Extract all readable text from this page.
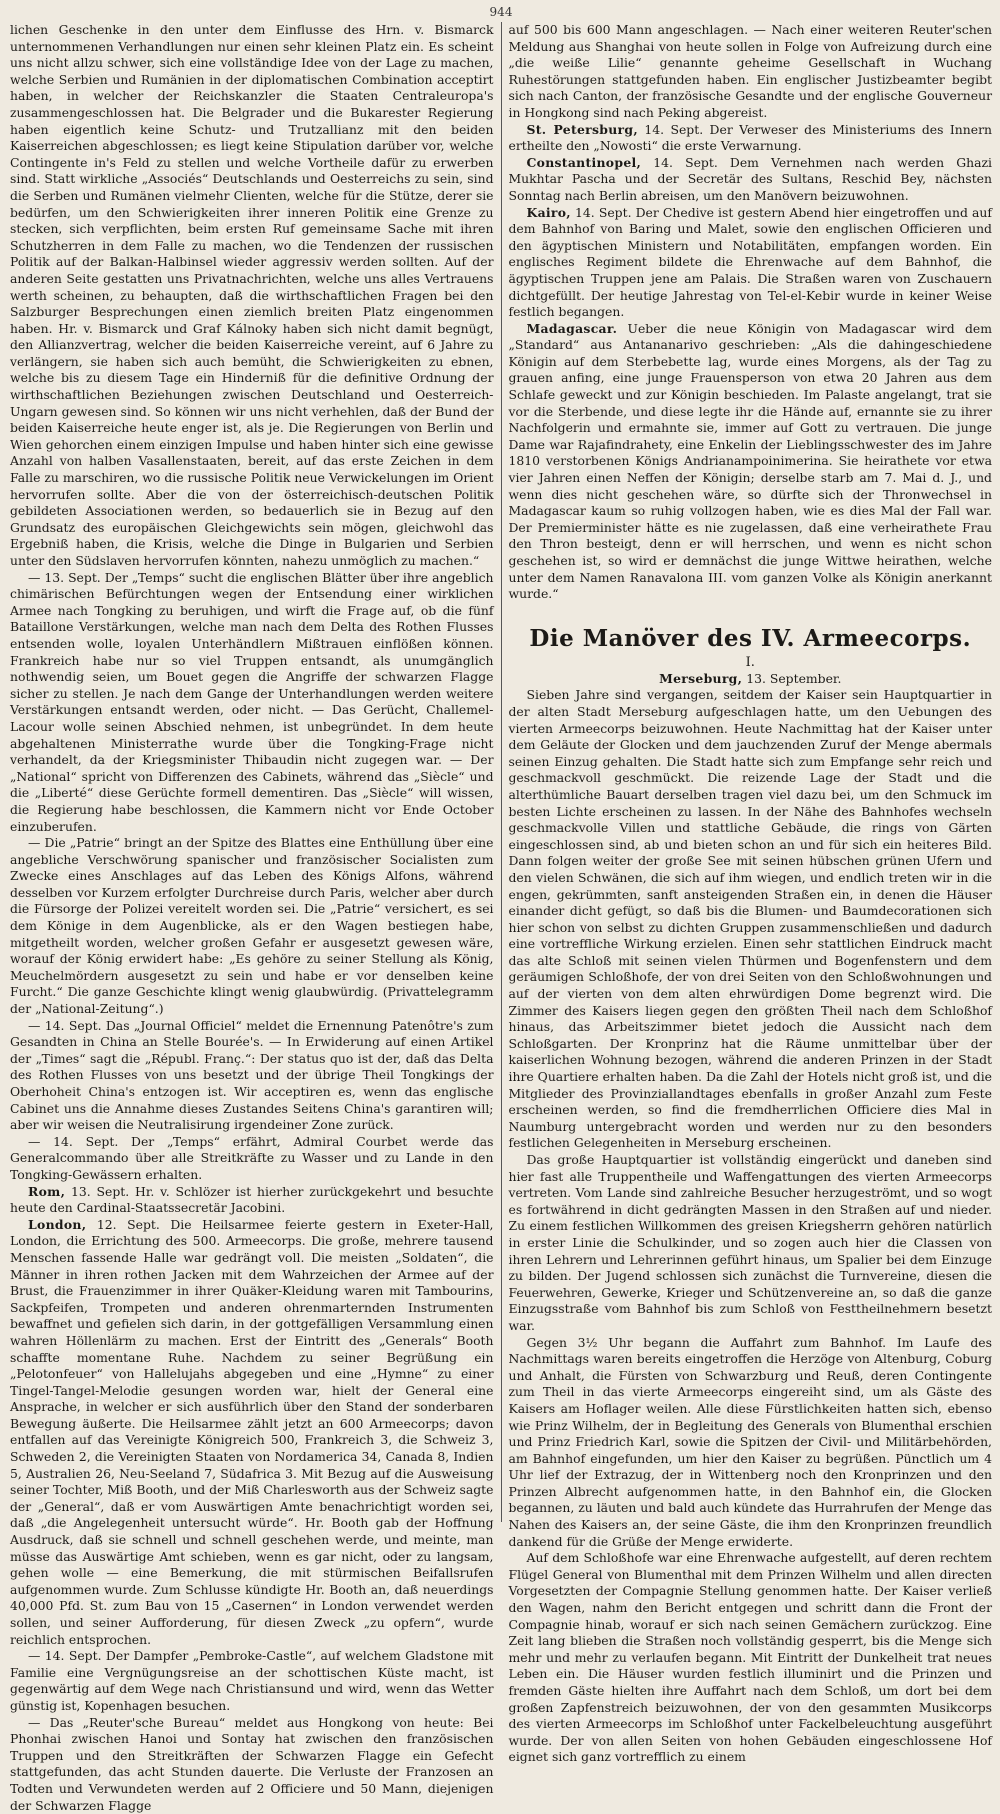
944

lichen Geschenke in den unter dem Einflusse des Hrn. v. Bismarck unternommenen Verhandlungen nur einen sehr kleinen Platz ein. Es scheint uns nicht allzu schwer, sich eine vollständige Idee von der Lage zu machen, welche Serbien und Rumänien in der diplomatischen Combination acceptirt haben, in welcher der Reichskanzler die Staaten Centraleuropa's zusammengeschlossen hat. Die Belgrader und die Bukarester Regierung haben eigentlich keine Schutz- und Trutzallianz mit den beiden Kaiserreichen abgeschlossen; es liegt keine Stipulation darüber vor, welche Contingente in's Feld zu stellen und welche Vortheile dafür zu erwerben sind. Statt wirkliche „Associés“ Deutschlands und Oesterreichs zu sein, sind die Serben und Rumänen vielmehr Clienten, welche für die Stütze, derer sie bedürfen, um den Schwierigkeiten ihrer inneren Politik eine Grenze zu stecken, sich verpflichten, beim ersten Ruf gemeinsame Sache mit ihren Schutzherren in dem Falle zu machen, wo die Tendenzen der russischen Politik auf der Balkan-Halbinsel wieder aggressiv werden sollten. Auf der anderen Seite gestatten uns Privatnachrichten, welche uns alles Vertrauens werth scheinen, zu behaupten, daß die wirthschaftlichen Fragen bei den Salzburger Besprechungen einen ziemlich breiten Platz eingenommen haben. Hr. v. Bismarck und Graf Kálnoky haben sich nicht damit begnügt, den Allianzvertrag, welcher die beiden Kaiserreiche vereint, auf 6 Jahre zu verlängern, sie haben sich auch bemüht, die Schwierigkeiten zu ebnen, welche bis zu diesem Tage ein Hinderniß für die definitive Ordnung der wirthschaftlichen Beziehungen zwischen Deutschland und Oesterreich-Ungarn gewesen sind. So können wir uns nicht verhehlen, daß der Bund der beiden Kaiserreiche heute enger ist, als je. Die Regierungen von Berlin und Wien gehorchen einem einzigen Impulse und haben hinter sich eine gewisse Anzahl von halben Vasallenstaaten, bereit, auf das erste Zeichen in dem Falle zu marschiren, wo die russische Politik neue Verwickelungen im Orient hervorrufen sollte. Aber die von der österreichisch-deutschen Politik gebildeten Associationen werden, so bedauerlich sie in Bezug auf den Grundsatz des europäischen Gleichgewichts sein mögen, gleichwohl das Ergebniß haben, die Krisis, welche die Dinge in Bulgarien und Serbien unter den Südslaven hervorrufen könnten, nahezu unmöglich zu machen.“

— 13. Sept. Der „Temps“ sucht die englischen Blätter über ihre angeblich chimärischen Befürchtungen wegen der Entsendung einer wirklichen Armee nach Tongking zu beruhigen, und wirft die Frage auf, ob die fünf Bataillone Verstärkungen, welche man nach dem Delta des Rothen Flusses entsenden wolle, loyalen Unterhändlern Mißtrauen einflößen können. Frankreich habe nur so viel Truppen entsandt, als unumgänglich nothwendig seien, um Bouet gegen die Angriffe der schwarzen Flagge sicher zu stellen. Je nach dem Gange der Unterhandlungen werden weitere Verstärkungen entsandt werden, oder nicht. — Das Gerücht, Challemel-Lacour wolle seinen Abschied nehmen, ist unbegründet. In dem heute abgehaltenen Ministerrathe wurde über die Tongking-Frage nicht verhandelt, da der Kriegsminister Thibaudin nicht zugegen war. — Der „National“ spricht von Differenzen des Cabinets, während das „Siècle“ und die „Liberté“ diese Gerüchte formell dementiren. Das „Siècle“ will wissen, die Regierung habe beschlossen, die Kammern nicht vor Ende October einzuberufen.

— Die „Patrie“ bringt an der Spitze des Blattes eine Enthüllung über eine angebliche Verschwörung spanischer und französischer Socialisten zum Zwecke eines Anschlages auf das Leben des Königs Alfons, während desselben vor Kurzem erfolgter Durchreise durch Paris, welcher aber durch die Fürsorge der Polizei vereitelt worden sei. Die „Patrie“ versichert, es sei dem Könige in dem Augenblicke, als er den Wagen bestiegen habe, mitgetheilt worden, welcher großen Gefahr er ausgesetzt gewesen wäre, worauf der König erwidert habe: „Es gehöre zu seiner Stellung als König, Meuchelmördern ausgesetzt zu sein und habe er vor denselben keine Furcht.“ Die ganze Geschichte klingt wenig glaubwürdig. (Privattelegramm der „National-Zeitung“.)

— 14. Sept. Das „Journal Officiel“ meldet die Ernennung Patenôtre's zum Gesandten in China an Stelle Bourée's. — In Erwiderung auf einen Artikel der „Times“ sagt die „Républ. Franç.“: Der status quo ist der, daß das Delta des Rothen Flusses von uns besetzt und der übrige Theil Tongkings der Oberhoheit China's entzogen ist. Wir acceptiren es, wenn das englische Cabinet uns die Annahme dieses Zustandes Seitens China's garantiren will; aber wir weisen die Neutralisirung irgendeiner Zone zurück.

— 14. Sept. Der „Temps“ erfährt, Admiral Courbet werde das Generalcommando über alle Streitkräfte zu Wasser und zu Lande in den Tongking-Gewässern erhalten.

Rom, 13. Sept. Hr. v. Schlözer ist hierher zurückgekehrt und besuchte heute den Cardinal-Staatssecretär Jacobini.

London, 12. Sept. Die Heilsarmee feierte gestern in Exeter-Hall, London, die Errichtung des 500. Armeecorps. Die große, mehrere tausend Menschen fassende Halle war gedrängt voll. Die meisten „Soldaten“, die Männer in ihren rothen Jacken mit dem Wahrzeichen der Armee auf der Brust, die Frauenzimmer in ihrer Quäker-Kleidung waren mit Tambourins, Sackpfeifen, Trompeten und anderen ohrenmarternden Instrumenten bewaffnet und gefielen sich darin, in der gottgefälligen Versammlung einen wahren Höllenlärm zu machen. Erst der Eintritt des „Generals“ Booth schaffte momentane Ruhe. Nachdem zu seiner Begrüßung ein „Pelotonfeuer“ von Hallelujahs abgegeben und eine „Hymne“ zu einer Tingel-Tangel-Melodie gesungen worden war, hielt der General eine Ansprache, in welcher er sich ausführlich über den Stand der sonderbaren Bewegung äußerte. Die Heilsarmee zählt jetzt an 600 Armeecorps; davon entfallen auf das Vereinigte Königreich 500, Frankreich 3, die Schweiz 3, Schweden 2, die Vereinigten Staaten von Nordamerica 34, Canada 8, Indien 5, Australien 26, Neu-Seeland 7, Südafrica 3. Mit Bezug auf die Ausweisung seiner Tochter, Miß Booth, und der Miß Charlesworth aus der Schweiz sagte der „General“, daß er vom Auswärtigen Amte benachrichtigt worden sei, daß „die Angelegenheit untersucht würde“. Hr. Booth gab der Hoffnung Ausdruck, daß sie schnell und schnell geschehen werde, und meinte, man müsse das Auswärtige Amt schieben, wenn es gar nicht, oder zu langsam, gehen wolle — eine Bemerkung, die mit stürmischen Beifallsrufen aufgenommen wurde. Zum Schlusse kündigte Hr. Booth an, daß neuerdings 40,000 Pfd. St. zum Bau von 15 „Casernen“ in London verwendet werden sollen, und seiner Aufforderung, für diesen Zweck „zu opfern“, wurde reichlich entsprochen.

— 14. Sept. Der Dampfer „Pembroke-Castle“, auf welchem Gladstone mit Familie eine Vergnügungsreise an der schottischen Küste macht, ist gegenwärtig auf dem Wege nach Christiansund und wird, wenn das Wetter günstig ist, Kopenhagen besuchen.

— Das „Reuter'sche Bureau“ meldet aus Hongkong von heute: Bei Phonhai zwischen Hanoi und Sontay hat zwischen den französischen Truppen und den Streitkräften der Schwarzen Flagge ein Gefecht stattgefunden, das acht Stunden dauerte. Die Verluste der Franzosen an Todten und Verwundeten werden auf 2 Officiere und 50 Mann, diejenigen der Schwarzen Flagge

auf 500 bis 600 Mann angeschlagen. — Nach einer weiteren Reuter'schen Meldung aus Shanghai von heute sollen in Folge von Aufreizung durch eine „die weiße Lilie“ genannte geheime Gesellschaft in Wuchang Ruhestörungen stattgefunden haben. Ein englischer Justizbeamter begibt sich nach Canton, der französische Gesandte und der englische Gouverneur in Hongkong sind nach Peking abgereist.

St. Petersburg, 14. Sept. Der Verweser des Ministeriums des Innern ertheilte den „Nowosti“ die erste Verwarnung.

Constantinopel, 14. Sept. Dem Vernehmen nach werden Ghazi Mukhtar Pascha und der Secretär des Sultans, Reschid Bey, nächsten Sonntag nach Berlin abreisen, um den Manövern beizuwohnen.

Kairo, 14. Sept. Der Chedive ist gestern Abend hier eingetroffen und auf dem Bahnhof von Baring und Malet, sowie den englischen Officieren und den ägyptischen Ministern und Notabilitäten, empfangen worden. Ein englisches Regiment bildete die Ehrenwache auf dem Bahnhof, die ägyptischen Truppen jene am Palais. Die Straßen waren von Zuschauern dichtgefüllt. Der heutige Jahrestag von Tel-el-Kebir wurde in keiner Weise festlich begangen.

Madagascar. Ueber die neue Königin von Madagascar wird dem „Standard“ aus Antananarivo geschrieben: „Als die dahingeschiedene Königin auf dem Sterbebette lag, wurde eines Morgens, als der Tag zu grauen anfing, eine junge Frauensperson von etwa 20 Jahren aus dem Schlafe geweckt und zur Königin beschieden. Im Palaste angelangt, trat sie vor die Sterbende, und diese legte ihr die Hände auf, ernannte sie zu ihrer Nachfolgerin und ermahnte sie, immer auf Gott zu vertrauen. Die junge Dame war Rajafindrahety, eine Enkelin der Lieblingsschwester des im Jahre 1810 verstorbenen Königs Andrianampoinimerina. Sie heirathete vor etwa vier Jahren einen Neffen der Königin; derselbe starb am 7. Mai d. J., und wenn dies nicht geschehen wäre, so dürfte sich der Thronwechsel in Madagascar kaum so ruhig vollzogen haben, wie es dies Mal der Fall war. Der Premierminister hätte es nie zugelassen, daß eine verheirathete Frau den Thron besteigt, denn er will herrschen, und wenn es nicht schon geschehen ist, so wird er demnächst die junge Wittwe heirathen, welche unter dem Namen Ranavalona III. vom ganzen Volke als Königin anerkannt wurde.“

Die Manöver des IV. Armeecorps.
I.

Merseburg, 13. September.

Sieben Jahre sind vergangen, seitdem der Kaiser sein Hauptquartier in der alten Stadt Merseburg aufgeschlagen hatte, um den Uebungen des vierten Armeecorps beizuwohnen. Heute Nachmittag hat der Kaiser unter dem Geläute der Glocken und dem jauchzenden Zuruf der Menge abermals seinen Einzug gehalten. Die Stadt hatte sich zum Empfange sehr reich und geschmackvoll geschmückt. Die reizende Lage der Stadt und die alterthümliche Bauart derselben tragen viel dazu bei, um den Schmuck im besten Lichte erscheinen zu lassen. In der Nähe des Bahnhofes wechseln geschmackvolle Villen und stattliche Gebäude, die rings von Gärten eingeschlossen sind, ab und bieten schon an und für sich ein heiteres Bild. Dann folgen weiter der große See mit seinen hübschen grünen Ufern und den vielen Schwänen, die sich auf ihm wiegen, und endlich treten wir in die engen, gekrümmten, sanft ansteigenden Straßen ein, in denen die Häuser einander dicht gefügt, so daß bis die Blumen- und Baumdecorationen sich hier schon von selbst zu dichten Gruppen zusammenschließen und dadurch eine vortreffliche Wirkung erzielen. Einen sehr stattlichen Eindruck macht das alte Schloß mit seinen vielen Thürmen und Bogenfenstern und dem geräumigen Schloßhofe, der von drei Seiten von den Schloßwohnungen und auf der vierten von dem alten ehrwürdigen Dome begrenzt wird. Die Zimmer des Kaisers liegen gegen den größten Theil nach dem Schloßhof hinaus, das Arbeitszimmer bietet jedoch die Aussicht nach dem Schloßgarten. Der Kronprinz hat die Räume unmittelbar über der kaiserlichen Wohnung bezogen, während die anderen Prinzen in der Stadt ihre Quartiere erhalten haben. Da die Zahl der Hotels nicht groß ist, und die Mitglieder des Provinziallandtages ebenfalls in großer Anzahl zum Feste erscheinen werden, so find die fremdherrlichen Officiere dies Mal in Naumburg untergebracht worden und werden nur zu den besonders festlichen Gelegenheiten in Merseburg erscheinen.

Das große Hauptquartier ist vollständig eingerückt und daneben sind hier fast alle Truppentheile und Waffengattungen des vierten Armeecorps vertreten. Vom Lande sind zahlreiche Besucher herzugeströmt, und so wogt es fortwährend in dicht gedrängten Massen in den Straßen auf und nieder. Zu einem festlichen Willkommen des greisen Kriegsherrn gehören natürlich in erster Linie die Schulkinder, und so zogen auch hier die Classen von ihren Lehrern und Lehrerinnen geführt hinaus, um Spalier bei dem Einzuge zu bilden. Der Jugend schlossen sich zunächst die Turnvereine, diesen die Feuerwehren, Gewerke, Krieger und Schützenvereine an, so daß die ganze Einzugsstraße vom Bahnhof bis zum Schloß von Festtheilnehmern besetzt war.

Gegen 3½ Uhr begann die Auffahrt zum Bahnhof. Im Laufe des Nachmittags waren bereits eingetroffen die Herzöge von Altenburg, Coburg und Anhalt, die Fürsten von Schwarzburg und Reuß, deren Contingente zum Theil in das vierte Armeecorps eingereiht sind, um als Gäste des Kaisers am Hoflager weilen. Alle diese Fürstlichkeiten hatten sich, ebenso wie Prinz Wilhelm, der in Begleitung des Generals von Blumenthal erschien und Prinz Friedrich Karl, sowie die Spitzen der Civil- und Militärbehörden, am Bahnhof eingefunden, um hier den Kaiser zu begrüßen. Pünctlich um 4 Uhr lief der Extrazug, der in Wittenberg noch den Kronprinzen und den Prinzen Albrecht aufgenommen hatte, in den Bahnhof ein, die Glocken begannen, zu läuten und bald auch kündete das Hurrahrufen der Menge das Nahen des Kaisers an, der seine Gäste, die ihm den Kronprinzen freundlich dankend für die Grüße der Menge erwiderte.

Auf dem Schloßhofe war eine Ehrenwache aufgestellt, auf deren rechtem Flügel General von Blumenthal mit dem Prinzen Wilhelm und allen directen Vorgesetzten der Compagnie Stellung genommen hatte. Der Kaiser verließ den Wagen, nahm den Bericht entgegen und schritt dann die Front der Compagnie hinab, worauf er sich nach seinen Gemächern zurückzog. Eine Zeit lang blieben die Straßen noch vollständig gesperrt, bis die Menge sich mehr und mehr zu verlaufen begann. Mit Eintritt der Dunkelheit trat neues Leben ein. Die Häuser wurden festlich illuminirt und die Prinzen und fremden Gäste hielten ihre Auffahrt nach dem Schloß, um dort bei dem großen Zapfenstreich beizuwohnen, der von den gesammten Musikcorps des vierten Armeecorps im Schloßhof unter Fackelbeleuchtung ausgeführt wurde. Der von allen Seiten von hohen Gebäuden eingeschlossene Hof eignet sich ganz vortrefflich zu einem
